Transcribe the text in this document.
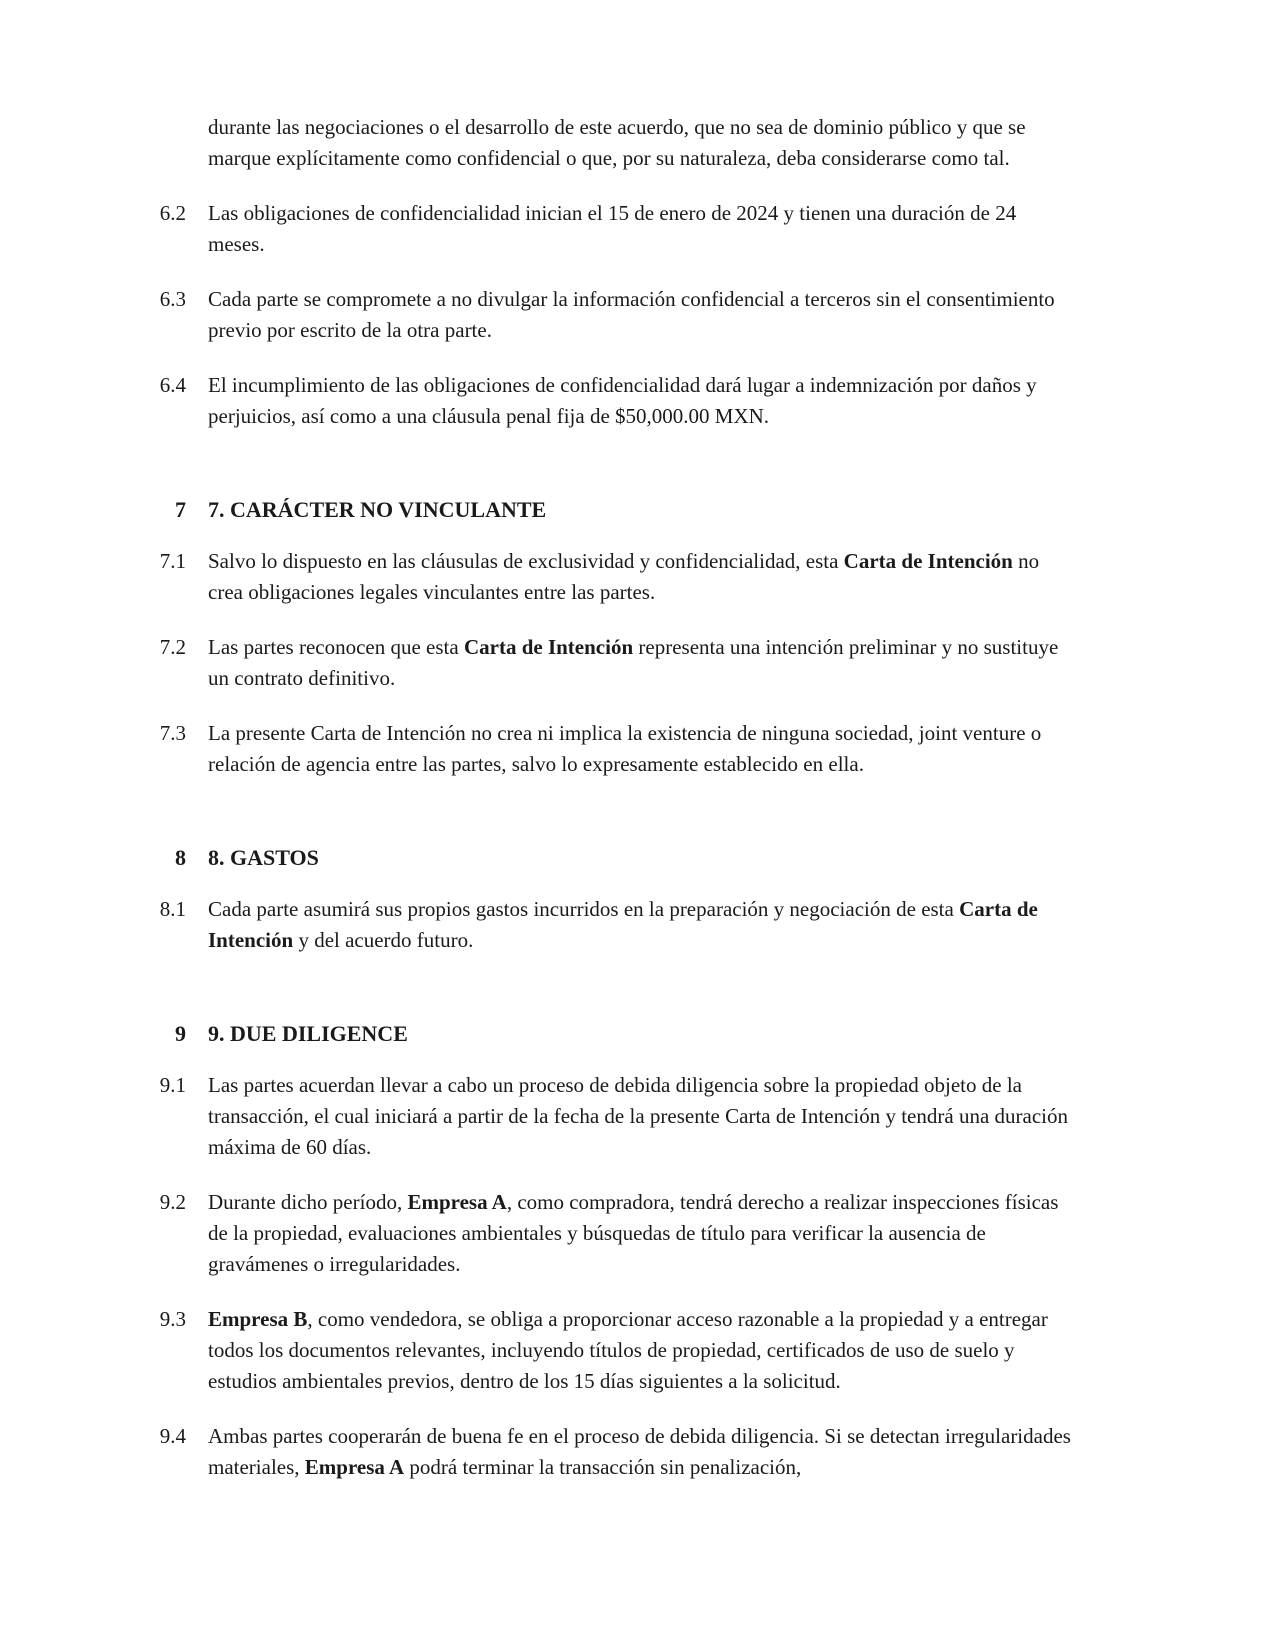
durante las negociaciones o el desarrollo de este acuerdo, que no sea de dominio público y que se marque explícitamente como confidencial o que, por su naturaleza, deba considerarse como tal.
6.2	Las obligaciones de confidencialidad inician el 15 de enero de 2024 y tienen una duración de 24 meses.
6.3	Cada parte se compromete a no divulgar la información confidencial a terceros sin el consentimiento previo por escrito de la otra parte.
6.4	El incumplimiento de las obligaciones de confidencialidad dará lugar a indemnización por daños y perjuicios, así como a una cláusula penal fija de $50,000.00 MXN.
7	7. CARÁCTER NO VINCULANTE
7.1	Salvo lo dispuesto en las cláusulas de exclusividad y confidencialidad, esta Carta de Intención no crea obligaciones legales vinculantes entre las partes.
7.2	Las partes reconocen que esta Carta de Intención representa una intención preliminar y no sustituye un contrato definitivo.
7.3	La presente Carta de Intención no crea ni implica la existencia de ninguna sociedad, joint venture o relación de agencia entre las partes, salvo lo expresamente establecido en ella.
8	8. GASTOS
8.1	Cada parte asumirá sus propios gastos incurridos en la preparación y negociación de esta Carta de Intención y del acuerdo futuro.
9	9. DUE DILIGENCE
9.1	Las partes acuerdan llevar a cabo un proceso de debida diligencia sobre la propiedad objeto de la transacción, el cual iniciará a partir de la fecha de la presente Carta de Intención y tendrá una duración máxima de 60 días.
9.2	Durante dicho período, Empresa A, como compradora, tendrá derecho a realizar inspecciones físicas de la propiedad, evaluaciones ambientales y búsquedas de título para verificar la ausencia de gravámenes o irregularidades.
9.3	Empresa B, como vendedora, se obliga a proporcionar acceso razonable a la propiedad y a entregar todos los documentos relevantes, incluyendo títulos de propiedad, certificados de uso de suelo y estudios ambientales previos, dentro de los 15 días siguientes a la solicitud.
9.4	Ambas partes cooperarán de buena fe en el proceso de debida diligencia. Si se detectan irregularidades materiales, Empresa A podrá terminar la transacción sin penalización,
